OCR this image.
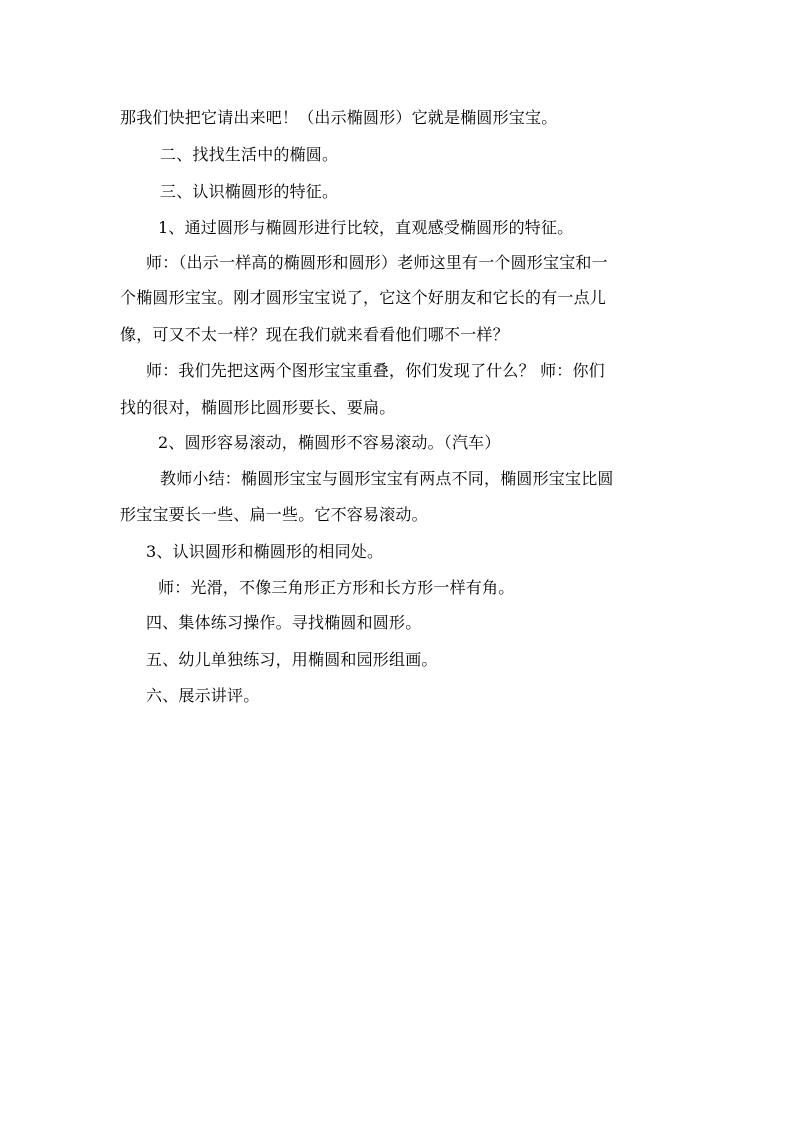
那我们快把它请出来吧！（出示椭圆形）它就是椭圆形宝宝。
二、找找生活中的椭圆。
三、认识椭圆形的特征。
1、通过圆形与椭圆形进行比较，直观感受椭圆形的特征。
师：（出示一样高的椭圆形和圆形）老师这里有一个圆形宝宝和一
个椭圆形宝宝。刚才圆形宝宝说了，它这个好朋友和它长的有一点儿
像，可又不太一样？现在我们就来看看他们哪不一样？
师：我们先把这两个图形宝宝重叠，你们发现了什么？ 师：你们
找的很对，椭圆形比圆形要长、要扁。
2、圆形容易滚动，椭圆形不容易滚动。（汽车）
教师小结：椭圆形宝宝与圆形宝宝有两点不同，椭圆形宝宝比圆
形宝宝要长一些、扁一些。它不容易滚动。
3、认识圆形和椭圆形的相同处。
师：光滑，不像三角形正方形和长方形一样有角。
四、集体练习操作。寻找椭圆和圆形。
五、幼儿单独练习，用椭圆和园形组画。
六、展示讲评。
